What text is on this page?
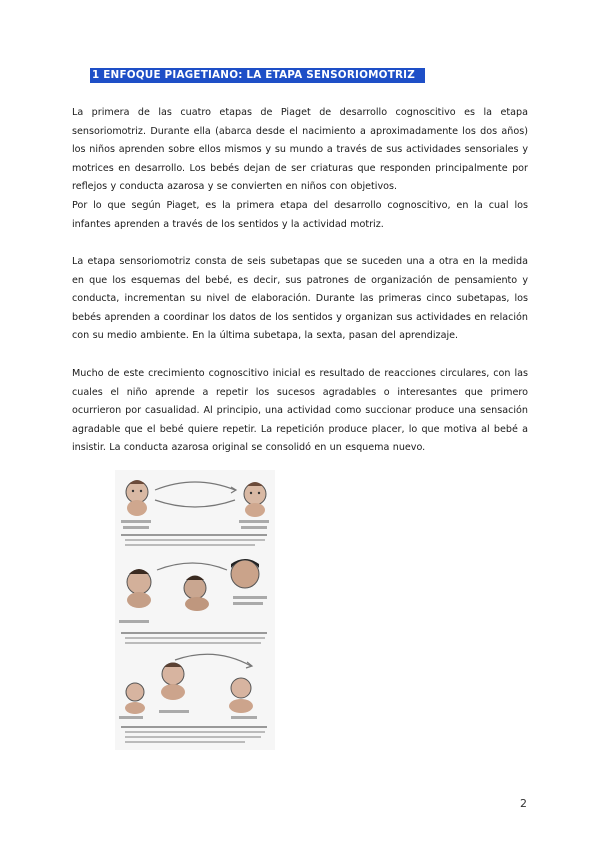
1 ENFOQUE PIAGETIANO: LA ETAPA SENSORIOMOTRIZ

La primera de las cuatro etapas de Piaget de desarrollo cognoscitivo es la etapa sensoriomotriz. Durante ella (abarca desde el nacimiento a aproximadamente los dos años) los niños aprenden sobre ellos mismos y su mundo a través de sus actividades sensoriales y motrices en desarrollo. Los bebés dejan de ser criaturas que responden principalmente por reflejos y conducta azarosa y se convierten en niños con objetivos.

Por lo que según Piaget, es la primera etapa del desarrollo cognoscitivo, en la cual los infantes aprenden a través de los sentidos y la actividad motriz.

La etapa sensoriomotriz consta de seis subetapas que se suceden una a otra en la medida en que los esquemas del bebé, es decir, sus patrones de organización de pensamiento y conducta, incrementan su nivel de elaboración. Durante las primeras cinco subetapas, los bebés aprenden a coordinar los datos de los sentidos y organizan sus actividades en relación con su medio ambiente. En la última subetapa, la sexta, pasan del aprendizaje.

Mucho de este crecimiento cognoscitivo inicial es resultado de reacciones circulares, con las cuales el niño aprende a repetir los sucesos agradables o interesantes que primero ocurrieron por casualidad. Al principio, una actividad como succionar produce una sensación agradable que el bebé quiere repetir. La repetición produce placer, lo que motiva al bebé a insistir. La conducta azarosa original se consolidó en un esquema nuevo.

2
